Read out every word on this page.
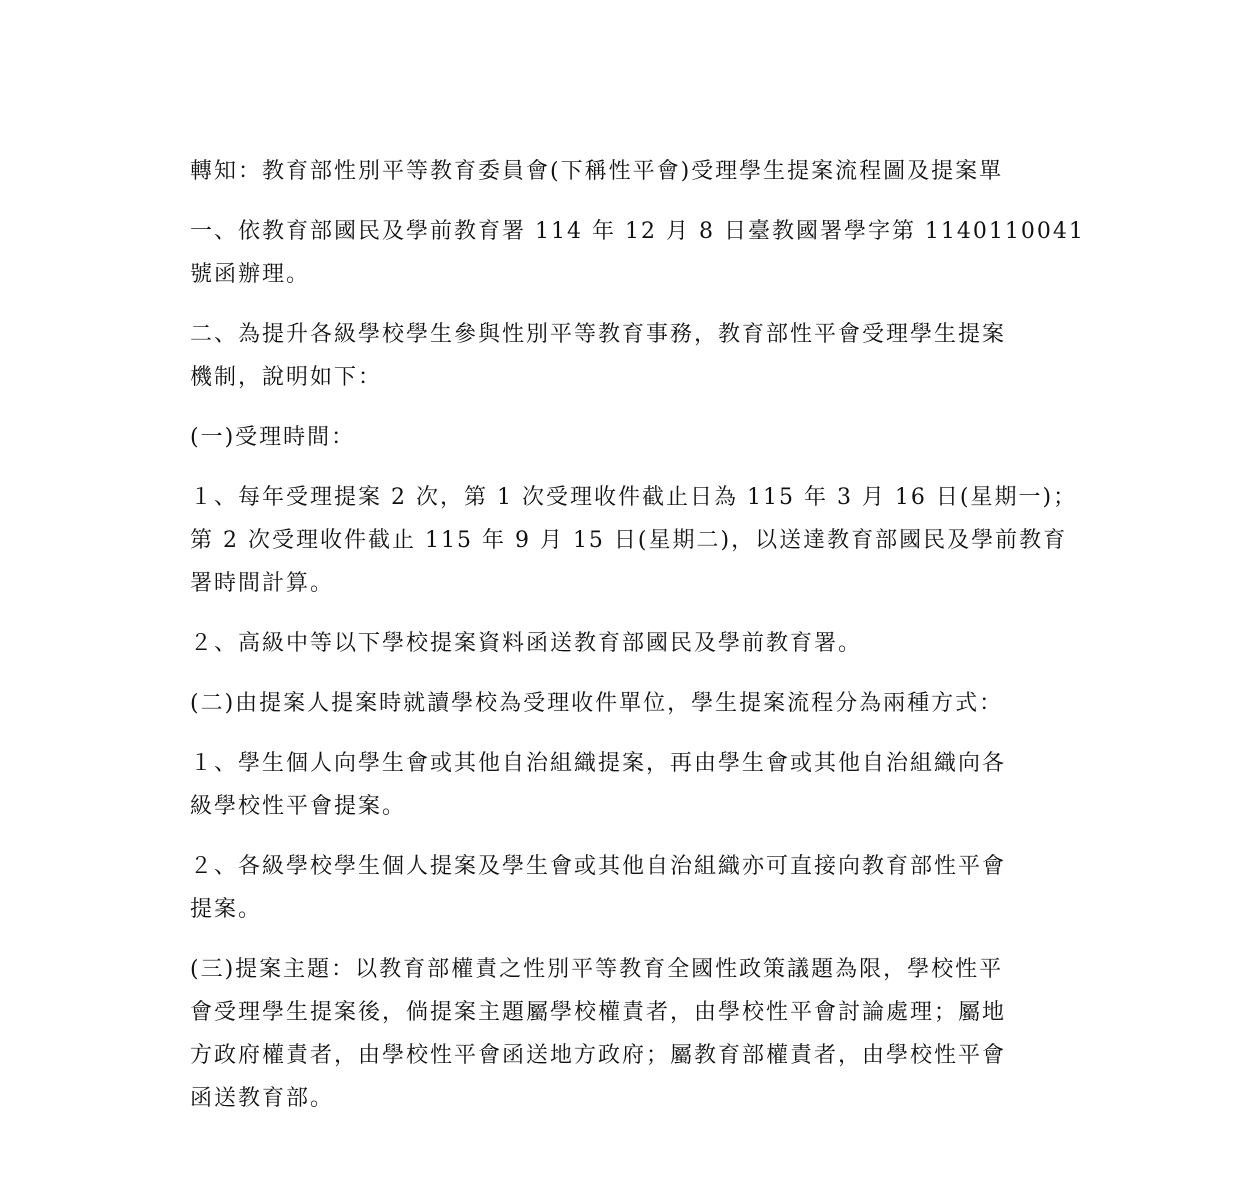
轉知：教育部性別平等教育委員會(下稱性平會)受理學生提案流程圖及提案單

一、依教育部國民及學前教育署 114 年 12 月 8 日臺教國署學字第 1140110041
號函辦理。

二、為提升各級學校學生參與性別平等教育事務，教育部性平會受理學生提案
機制，說明如下：

(一)受理時間：

１、每年受理提案 2 次，第 1 次受理收件截止日為 115 年 3 月 16 日(星期一)；
第 2 次受理收件截止 115 年 9 月 15 日(星期二)，以送達教育部國民及學前教育
署時間計算。

２、高級中等以下學校提案資料函送教育部國民及學前教育署。

(二)由提案人提案時就讀學校為受理收件單位，學生提案流程分為兩種方式：

１、學生個人向學生會或其他自治組織提案，再由學生會或其他自治組織向各
級學校性平會提案。

２、各級學校學生個人提案及學生會或其他自治組織亦可直接向教育部性平會
提案。

(三)提案主題：以教育部權責之性別平等教育全國性政策議題為限，學校性平
會受理學生提案後，倘提案主題屬學校權責者，由學校性平會討論處理；屬地
方政府權責者，由學校性平會函送地方政府；屬教育部權責者，由學校性平會
函送教育部。
